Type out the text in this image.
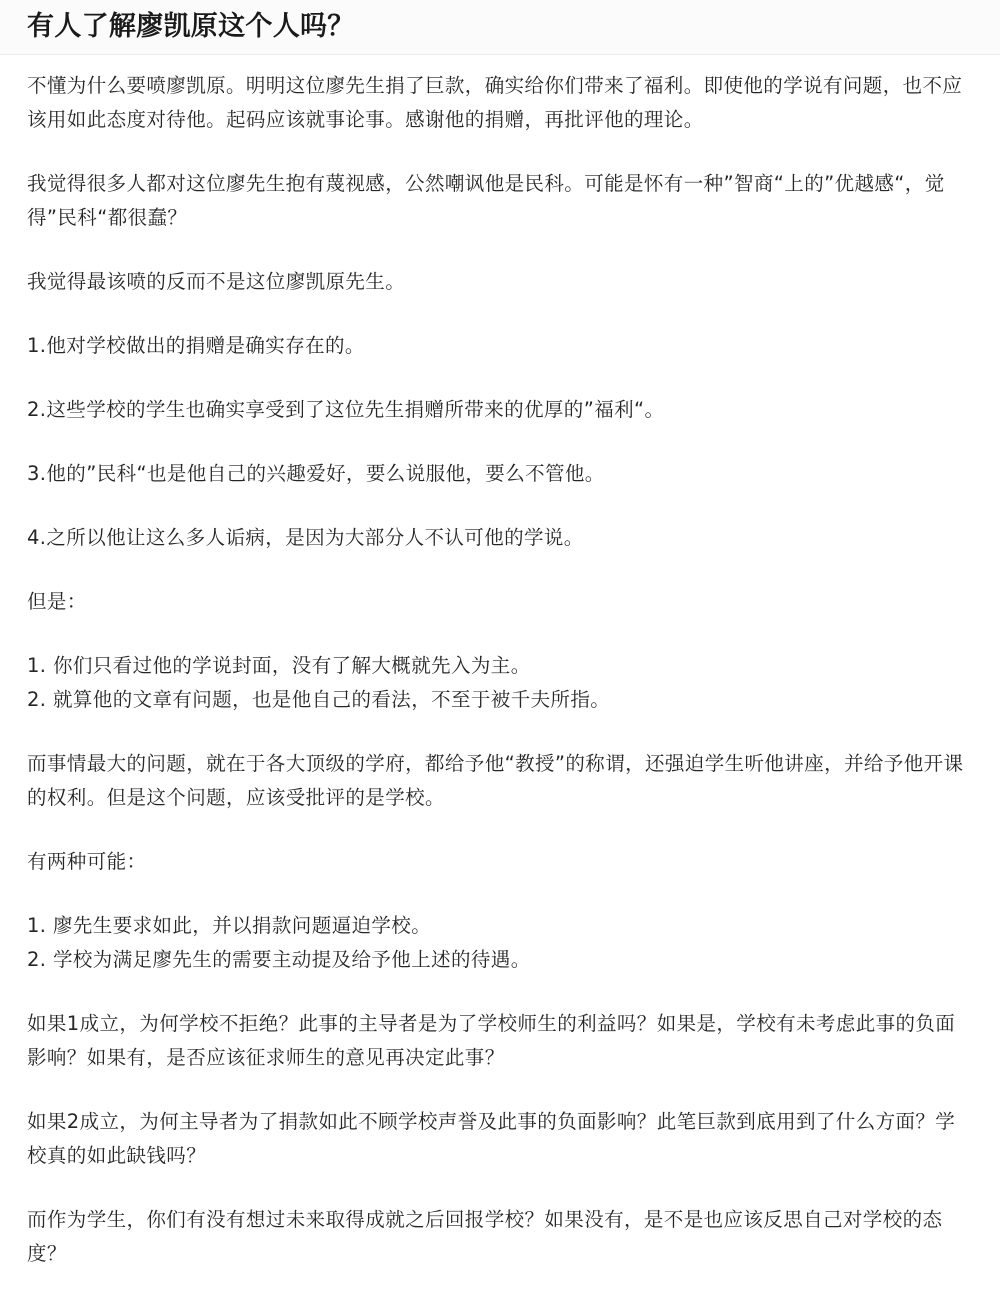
有人了解廖凯原这个人吗？

不懂为什么要喷廖凯原。明明这位廖先生捐了巨款，确实给你们带来了福利。即使他的学说有问题，也不应该用如此态度对待他。起码应该就事论事。感谢他的捐赠，再批评他的理论。

我觉得很多人都对这位廖先生抱有蔑视感，公然嘲讽他是民科。可能是怀有一种”智商“上的”优越感“，觉得”民科“都很蠢？

我觉得最该喷的反而不是这位廖凯原先生。

1.他对学校做出的捐赠是确实存在的。

2.这些学校的学生也确实享受到了这位先生捐赠所带来的优厚的”福利“。

3.他的”民科“也是他自己的兴趣爱好，要么说服他，要么不管他。

4.之所以他让这么多人诟病，是因为大部分人不认可他的学说。

但是：

1. 你们只看过他的学说封面，没有了解大概就先入为主。

2. 就算他的文章有问题，也是他自己的看法，不至于被千夫所指。

而事情最大的问题，就在于各大顶级的学府，都给予他“教授”的称谓，还强迫学生听他讲座，并给予他开课的权利。但是这个问题，应该受批评的是学校。

有两种可能：

1. 廖先生要求如此，并以捐款问题逼迫学校。

2. 学校为满足廖先生的需要主动提及给予他上述的待遇。

如果1成立，为何学校不拒绝？此事的主导者是为了学校师生的利益吗？如果是，学校有未考虑此事的负面影响？如果有，是否应该征求师生的意见再决定此事？

如果2成立，为何主导者为了捐款如此不顾学校声誉及此事的负面影响？此笔巨款到底用到了什么方面？学校真的如此缺钱吗？

而作为学生，你们有没有想过未来取得成就之后回报学校？如果没有，是不是也应该反思自己对学校的态度？
